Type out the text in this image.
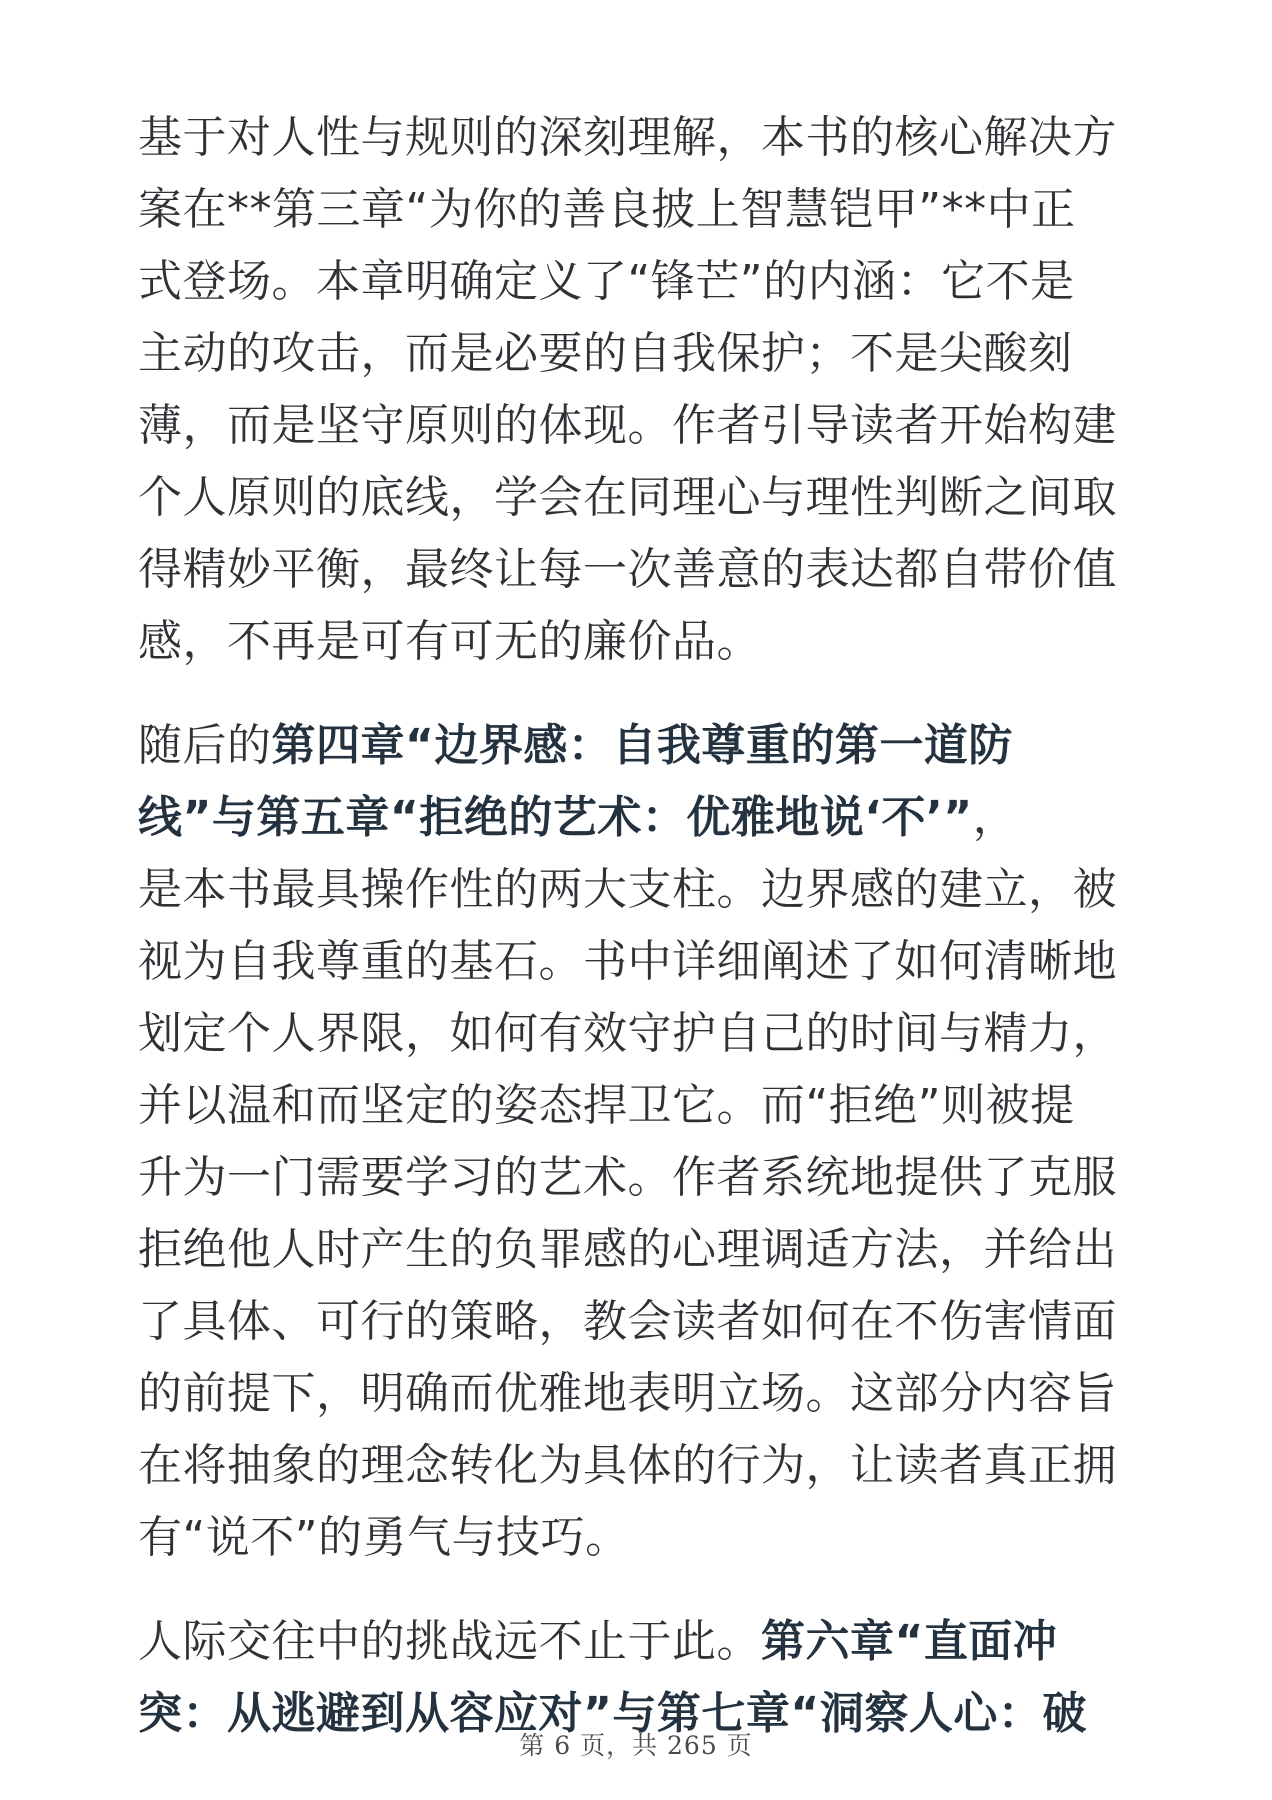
基于对人性与规则的深刻理解，本书的核心解决方
案在**第三章“为你的善良披上智慧铠甲”**中正
式登场。本章明确定义了“锋芒”的内涵：它不是
主动的攻击，而是必要的自我保护；不是尖酸刻
薄，而是坚守原则的体现。作者引导读者开始构建
个人原则的底线，学会在同理心与理性判断之间取
得精妙平衡，最终让每一次善意的表达都自带价值
感，不再是可有可无的廉价品。

随后的第四章“边界感：自我尊重的第一道防
线”与第五章“拒绝的艺术：优雅地说‘不’”，
是本书最具操作性的两大支柱。边界感的建立，被
视为自我尊重的基石。书中详细阐述了如何清晰地
划定个人界限，如何有效守护自己的时间与精力，
并以温和而坚定的姿态捍卫它。而“拒绝”则被提
升为一门需要学习的艺术。作者系统地提供了克服
拒绝他人时产生的负罪感的心理调适方法，并给出
了具体、可行的策略，教会读者如何在不伤害情面
的前提下，明确而优雅地表明立场。这部分内容旨
在将抽象的理念转化为具体的行为，让读者真正拥
有“说不”的勇气与技巧。

人际交往中的挑战远不止于此。第六章“直面冲
突：从逃避到从容应对”与第七章“洞察人心：破

第 6 页，共 265 页
